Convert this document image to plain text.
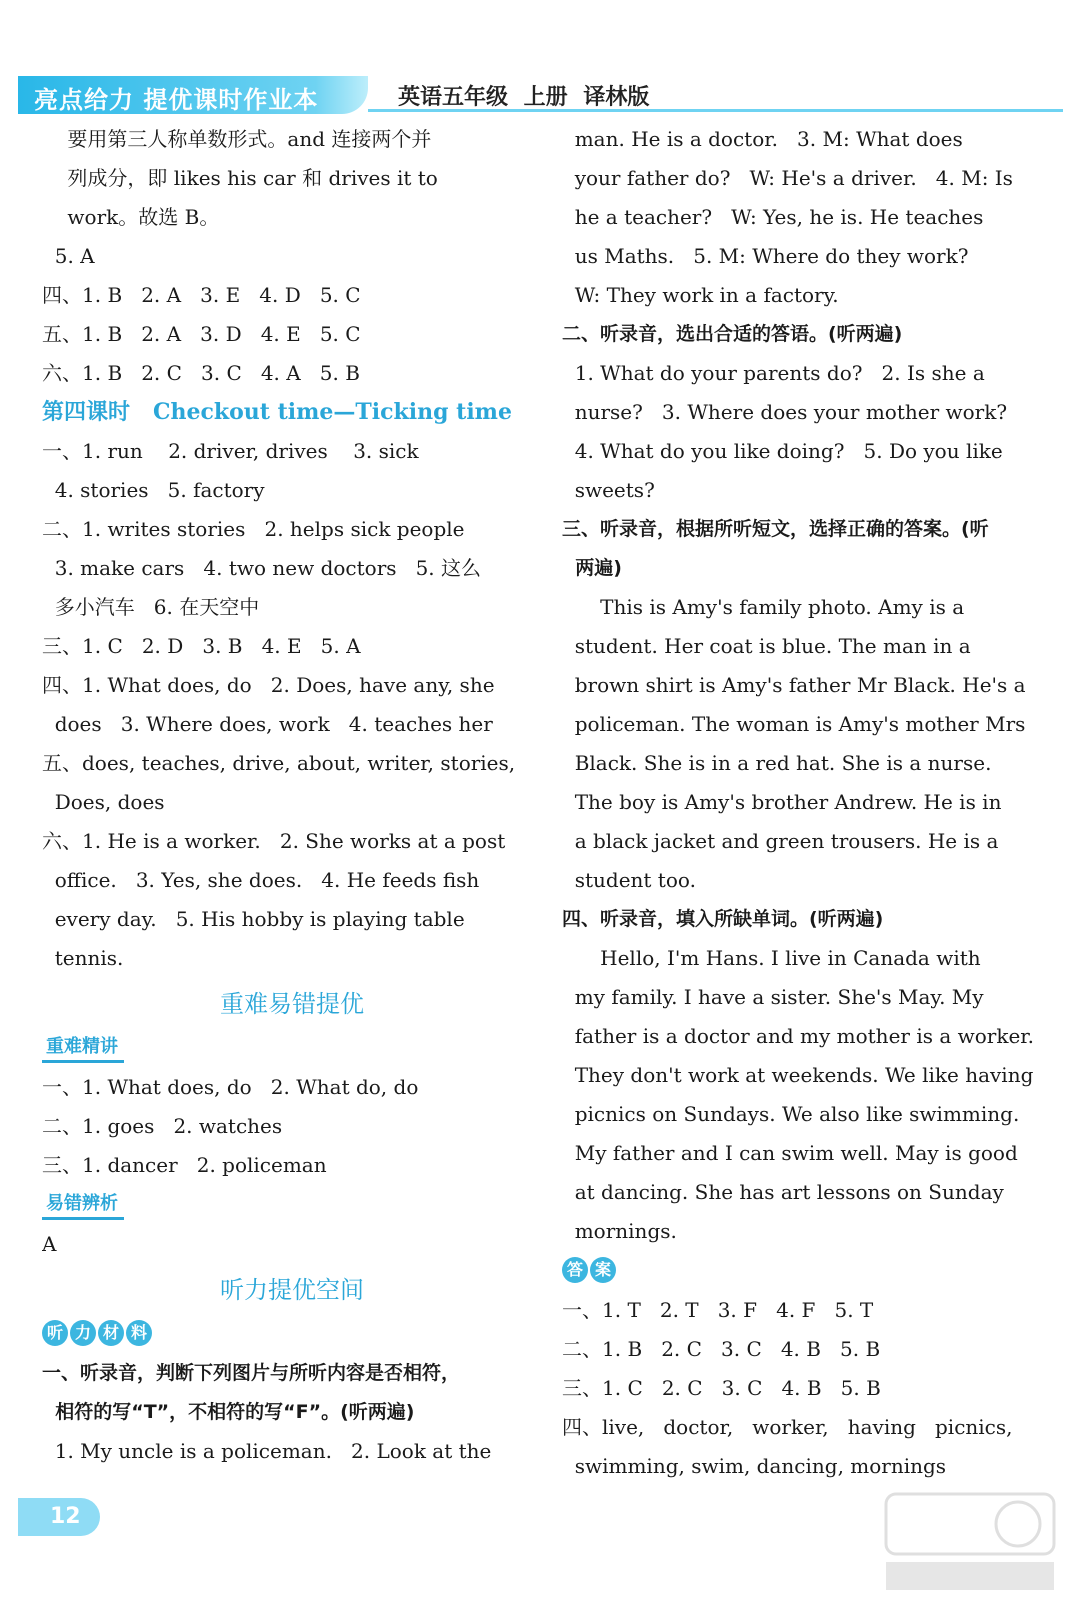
亮点给力 提优课时作业本	英语五年级 上册 译林版
要用第三人称单数形式。and 连接两个并
列成分，即 likes his car 和 drives it to
work。故选 B。
5. A
四、1. B   2. A   3. E   4. D   5. C
五、1. B   2. A   3. D   4. E   5. C
六、1. B   2. C   3. C   4. A   5. B
第四课时   Checkout time—Ticking time
一、1. run    2. driver, drives    3. sick
4. stories   5. factory
二、1. writes stories   2. helps sick people
3. make cars   4. two new doctors   5. 这么
多小汽车   6. 在天空中
三、1. C   2. D   3. B   4. E   5. A
四、1. What does, do   2. Does, have any, she
does   3. Where does, work   4. teaches her
五、does, teaches, drive, about, writer, stories,
Does, does
六、1. He is a worker.   2. She works at a post
office.   3. Yes, she does.   4. He feeds fish
every day.   5. His hobby is playing table
tennis.
重难易错提优
重难精讲
一、1. What does, do   2. What do, do
二、1. goes   2. watches
三、1. dancer   2. policeman
易错辨析
A
听力提优空间
听 力 材 料
一、听录音，判断下列图片与所听内容是否相符，
相符的写“T”，不相符的写“F”。(听两遍)
1. My uncle is a policeman.   2. Look at the
man. He is a doctor.   3. M: What does
your father do?   W: He's a driver.   4. M: Is
he a teacher?   W: Yes, he is. He teaches
us Maths.   5. M: Where do they work?
W: They work in a factory.
二、听录音，选出合适的答语。(听两遍)
1. What do your parents do?   2. Is she a
nurse?   3. Where does your mother work?
4. What do you like doing?   5. Do you like
sweets?
三、听录音，根据所听短文，选择正确的答案。(听
两遍)
This is Amy's family photo. Amy is a
student. Her coat is blue. The man in a
brown shirt is Amy's father Mr Black. He's a
policeman. The woman is Amy's mother Mrs
Black. She is in a red hat. She is a nurse.
The boy is Amy's brother Andrew. He is in
a black jacket and green trousers. He is a
student too.
四、听录音，填入所缺单词。(听两遍)
Hello, I'm Hans. I live in Canada with
my family. I have a sister. She's May. My
father is a doctor and my mother is a worker.
They don't work at weekends. We like having
picnics on Sundays. We also like swimming.
My father and I can swim well. May is good
at dancing. She has art lessons on Sunday
mornings.
答 案
一、1. T   2. T   3. F   4. F   5. T
二、1. B   2. C   3. C   4. B   5. B
三、1. C   2. C   3. C   4. B   5. B
四、live,   doctor,   worker,   having   picnics,
swimming, swim, dancing, mornings
12
